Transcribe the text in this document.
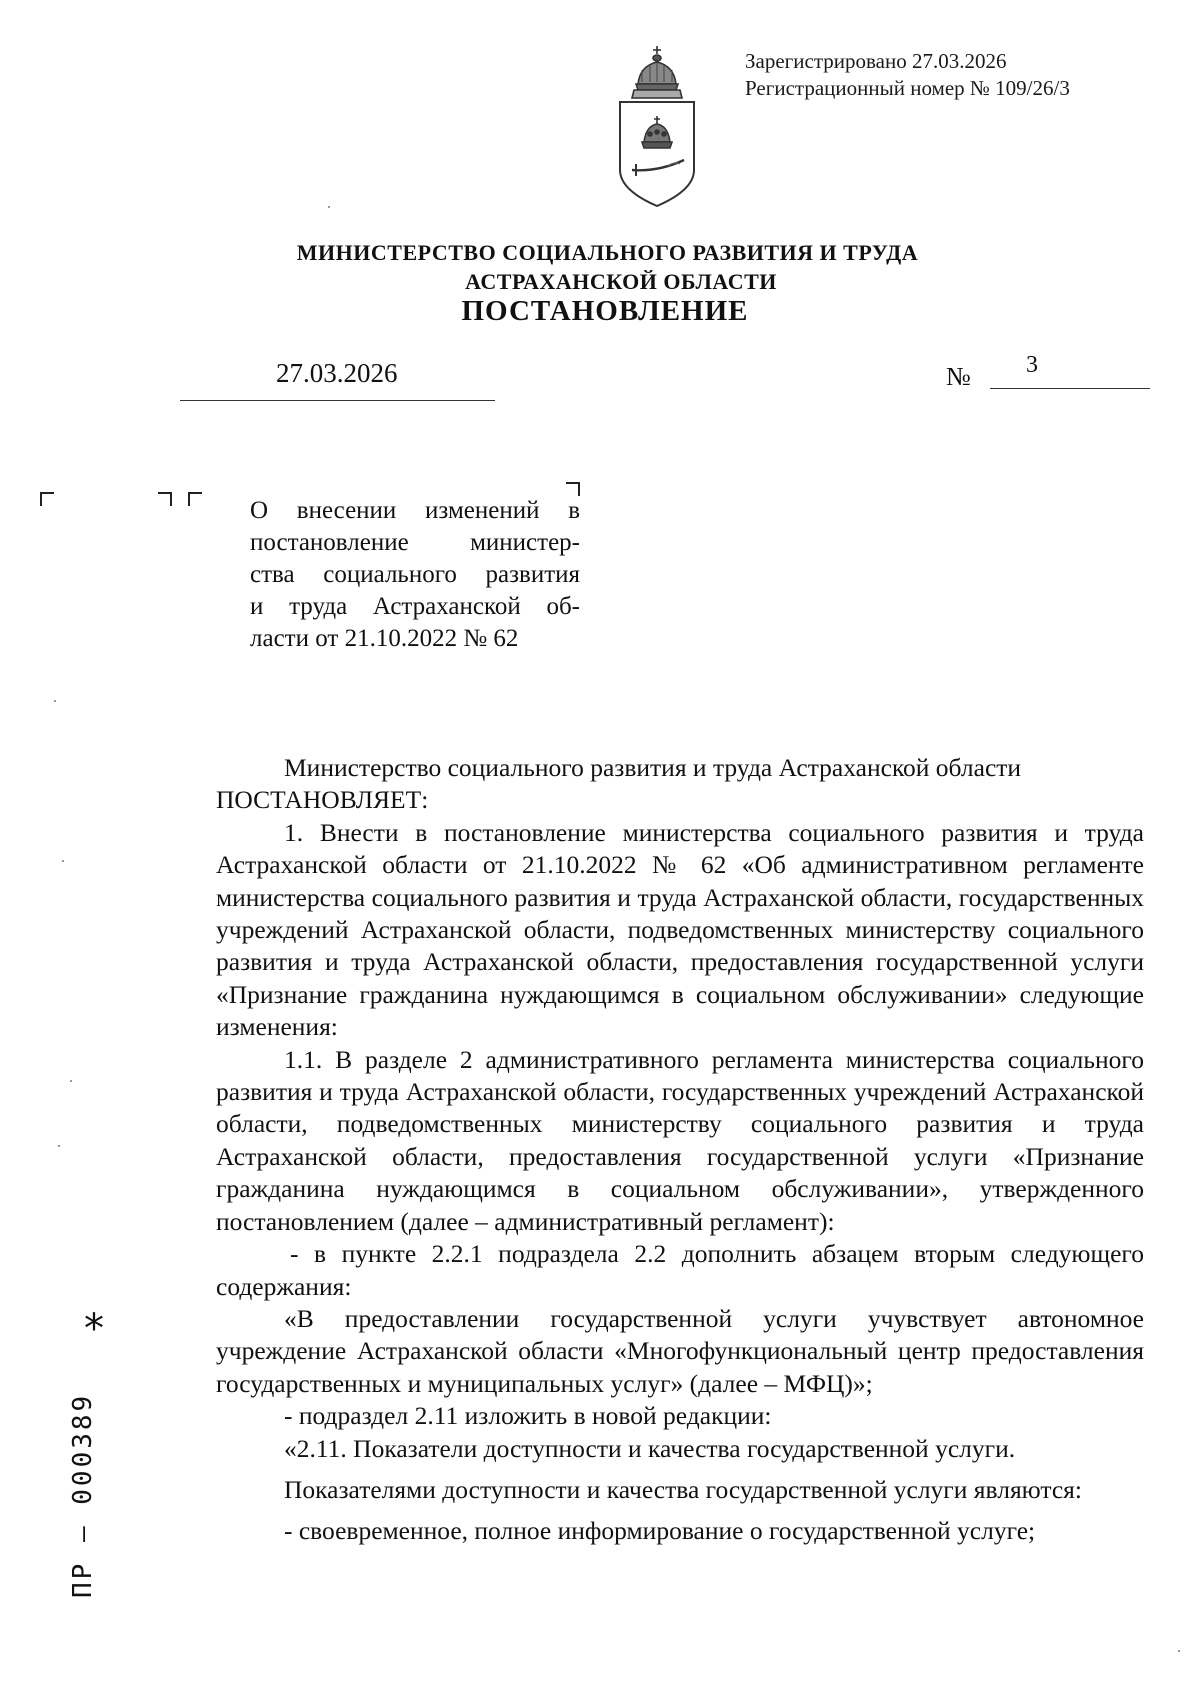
Зарегистрировано 27.03.2026
Регистрационный номер № 109/26/3
МИНИСТЕРСТВО СОЦИАЛЬНОГО РАЗВИТИЯ И ТРУДА
АСТРАХАНСКОЙ ОБЛАСТИ
ПОСТАНОВЛЕНИЕ
27.03.2026	№ 3
О внесении изменений в
постановление министер-
ства социального развития
и труда Астраханской об-
ласти от 21.10.2022 № 62

Министерство социального развития и труда Астраханской области

ПОСТАНОВЛЯЕТ:

1. Внести в постановление министерства социального развития и труда Астраханской области от 21.10.2022 № 62 «Об административном регламенте министерства социального развития и труда Астраханской области, государственных учреждений Астраханской области, подведомственных министерству социального развития и труда Астраханской области, предоставления государственной услуги «Признание гражданина нуждающимся в социальном обслуживании» следующие изменения:

1.1. В разделе 2 административного регламента министерства социального развития и труда Астраханской области, государственных учреждений Астраханской области, подведомственных министерству социального развития и труда Астраханской области, предоставления государственной услуги «Признание гражданина нуждающимся в социальном обслуживании», утвержденного постановлением (далее – административный регламент):

- в пункте 2.2.1 подраздела 2.2 дополнить абзацем вторым следующего содержания:

«В предоставлении государственной услуги учувствует автономное учреждение Астраханской области «Многофункциональный центр предоставления государственных и муниципальных услуг» (далее – МФЦ)»;

- подраздел 2.11 изложить в новой редакции:

«2.11. Показатели доступности и качества государственной услуги.

Показателями доступности и качества государственной услуги являются:

- своевременное, полное информирование о государственной услуге;

*
ПР — 000389
